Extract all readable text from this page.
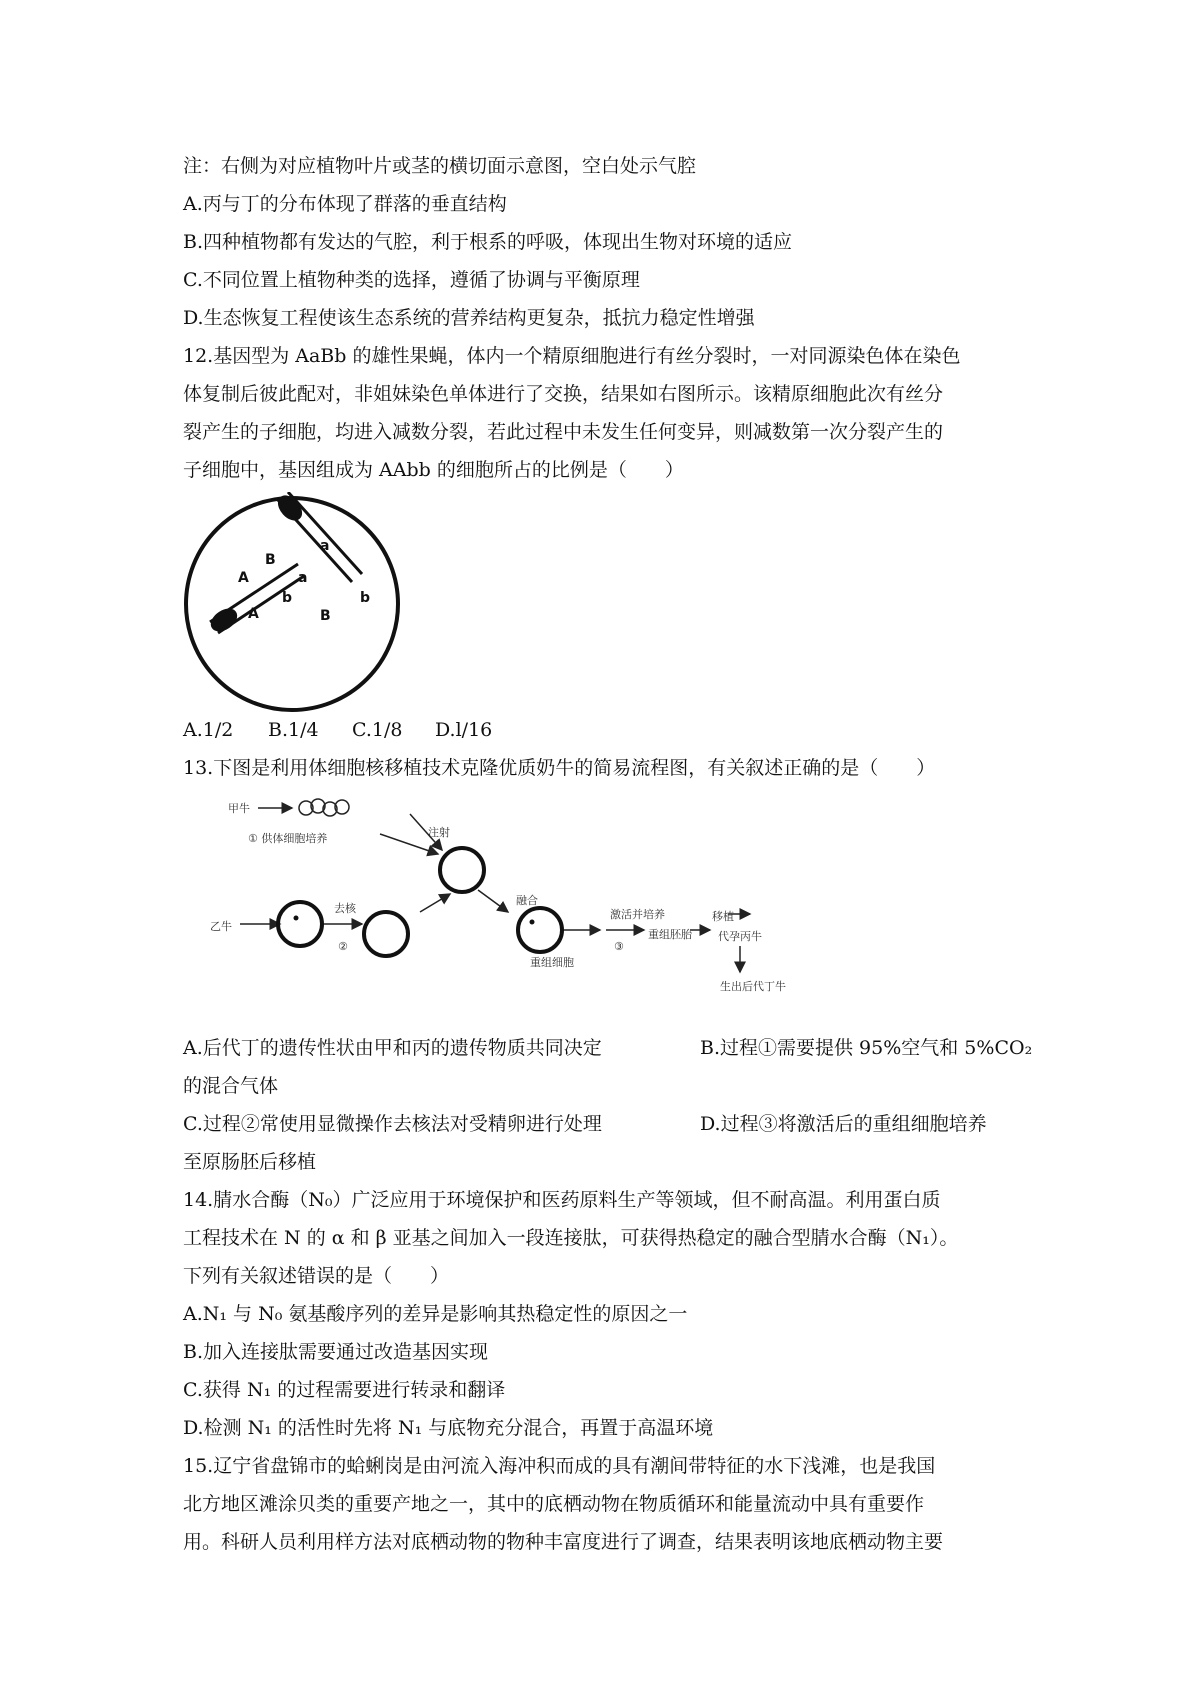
注：右侧为对应植物叶片或茎的横切面示意图，空白处示气腔
A.丙与丁的分布体现了群落的垂直结构
B.四种植物都有发达的气腔，利于根系的呼吸，体现出生物对环境的适应
C.不同位置上植物种类的选择，遵循了协调与平衡原理
D.生态恢复工程使该生态系统的营养结构更复杂，抵抗力稳定性增强
12.基因型为 AaBb 的雄性果蝇，体内一个精原细胞进行有丝分裂时，一对同源染色体在染色
体复制后彼此配对，非姐妹染色单体进行了交换，结果如右图所示。该精原细胞此次有丝分
裂产生的子细胞，均进入减数分裂，若此过程中未发生任何变异，则减数第一次分裂产生的
子细胞中，基因组成为 AAbb 的细胞所占的比例是（　　）
A
A
B
b
a
a
b
B
A.1/2 B.1/4 C.1/8 D.l/16
13.下图是利用体细胞核移植技术克隆优质奶牛的简易流程图，有关叙述正确的是（　　）
甲牛
① 供体细胞培养	注射
乙牛
去核
②
融合
重组细胞
激活并培养
③
重组胚胎
移植
代孕丙牛
生出后代丁牛
A.后代丁的遗传性状由甲和丙的遗传物质共同决定	B.过程①需要提供 95%空气和 5%CO₂
的混合气体
C.过程②常使用显微操作去核法对受精卵进行处理	D.过程③将激活后的重组细胞培养
至原肠胚后移植
14.腈水合酶（N₀）广泛应用于环境保护和医药原料生产等领域，但不耐高温。利用蛋白质
工程技术在 N 的 α 和 β 亚基之间加入一段连接肽，可获得热稳定的融合型腈水合酶（N₁）。
下列有关叙述错误的是（　　）
A.N₁ 与 N₀ 氨基酸序列的差异是影响其热稳定性的原因之一
B.加入连接肽需要通过改造基因实现
C.获得 N₁ 的过程需要进行转录和翻译
D.检测 N₁ 的活性时先将 N₁ 与底物充分混合，再置于高温环境
15.辽宁省盘锦市的蛤蜊岗是由河流入海冲积而成的具有潮间带特征的水下浅滩，也是我国
北方地区滩涂贝类的重要产地之一，其中的底栖动物在物质循环和能量流动中具有重要作
用。科研人员利用样方法对底栖动物的物种丰富度进行了调查，结果表明该地底栖动物主要
